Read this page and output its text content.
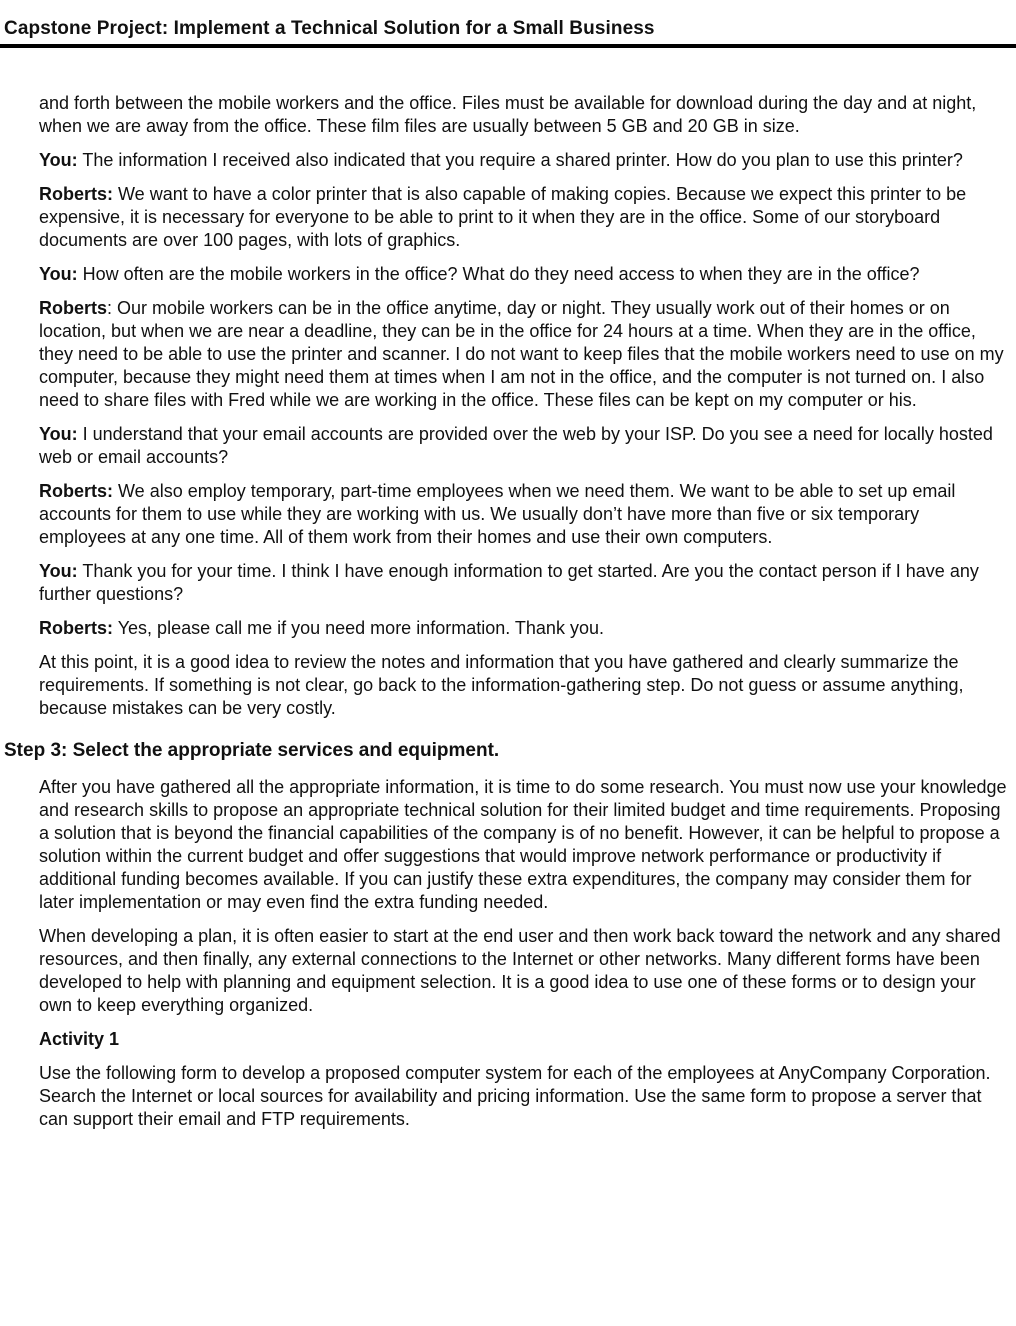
Capstone Project: Implement a Technical Solution for a Small Business

and forth between the mobile workers and the office. Files must be available for download during the day and at night, when we are away from the office. These film files are usually between 5 GB and 20 GB in size.

You: The information I received also indicated that you require a shared printer. How do you plan to use this printer?

Roberts: We want to have a color printer that is also capable of making copies. Because we expect this printer to be expensive, it is necessary for everyone to be able to print to it when they are in the office. Some of our storyboard documents are over 100 pages, with lots of graphics.

You: How often are the mobile workers in the office? What do they need access to when they are in the office?

Roberts: Our mobile workers can be in the office anytime, day or night. They usually work out of their homes or on location, but when we are near a deadline, they can be in the office for 24 hours at a time. When they are in the office, they need to be able to use the printer and scanner. I do not want to keep files that the mobile workers need to use on my computer, because they might need them at times when I am not in the office, and the computer is not turned on. I also need to share files with Fred while we are working in the office. These files can be kept on my computer or his.

You: I understand that your email accounts are provided over the web by your ISP. Do you see a need for locally hosted web or email accounts?

Roberts: We also employ temporary, part-time employees when we need them. We want to be able to set up email accounts for them to use while they are working with us. We usually don’t have more than five or six temporary employees at any one time. All of them work from their homes and use their own computers.

You: Thank you for your time. I think I have enough information to get started. Are you the contact person if I have any further questions?

Roberts: Yes, please call me if you need more information. Thank you.

At this point, it is a good idea to review the notes and information that you have gathered and clearly summarize the requirements. If something is not clear, go back to the information-gathering step. Do not guess or assume anything, because mistakes can be very costly.

Step 3: Select the appropriate services and equipment.

After you have gathered all the appropriate information, it is time to do some research. You must now use your knowledge and research skills to propose an appropriate technical solution for their limited budget and time requirements. Proposing a solution that is beyond the financial capabilities of the company is of no benefit. However, it can be helpful to propose a solution within the current budget and offer suggestions that would improve network performance or productivity if additional funding becomes available. If you can justify these extra expenditures, the company may consider them for later implementation or may even find the extra funding needed.

When developing a plan, it is often easier to start at the end user and then work back toward the network and any shared resources, and then finally, any external connections to the Internet or other networks. Many different forms have been developed to help with planning and equipment selection. It is a good idea to use one of these forms or to design your own to keep everything organized.

Activity 1

Use the following form to develop a proposed computer system for each of the employees at AnyCompany Corporation. Search the Internet or local sources for availability and pricing information. Use the same form to propose a server that can support their email and FTP requirements.
